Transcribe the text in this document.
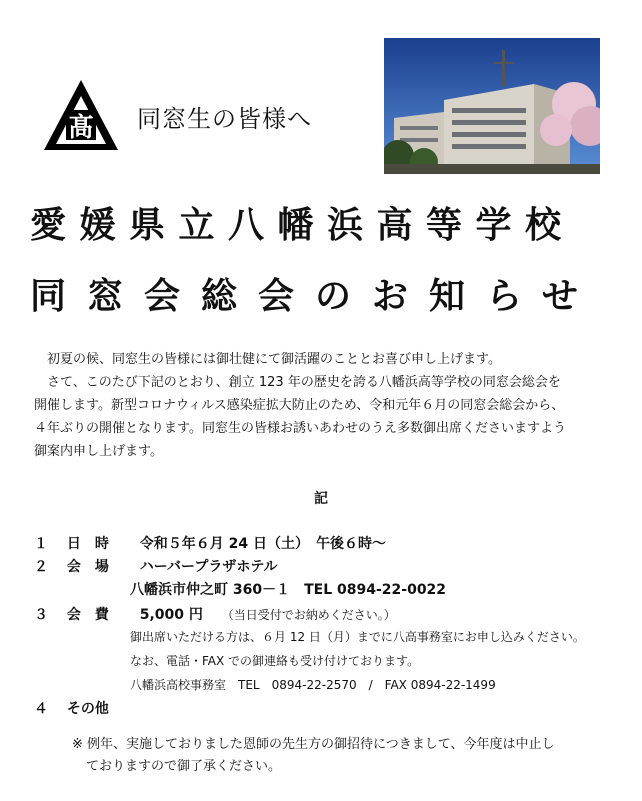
髙 同窓生の皆様へ
愛媛県立八幡浜高等学校
同窓会総会のお知らせ

　初夏の候、同窓生の皆様には御壮健にて御活躍のこととお喜び申し上げます。

　さて、このたび下記のとおり、創立 123 年の歴史を誇る八幡浜高等学校の同窓会総会を

開催します。新型コロナウィルス感染症拡大防止のため、令和元年６月の同窓会総会から、

４年ぶりの開催となります。同窓生の皆様お誘いあわせのうえ多数御出席くださいますよう

御案内申し上げます。

記
１ 日　時 令和５年６月 24 日（土）　午後６時～
２ 会　場 ハーバープラザホテル
八幡浜市仲之町 360－１　TEL 0894-22-0022
３ 会　費 5,000 円 （当日受付でお納めください。）
御出席いただける方は、６月 12 日（月）までに八高事務室にお申し込みください。
なお、電話・FAX での御連絡も受け付けております。
八幡浜高校事務室　TEL　0894-22-2570　/　FAX 0894-22-1499
４ その他
※ 例年、実施しておりました恩師の先生方の御招待につきまして、今年度は中止し
ておりますので御了承ください。
